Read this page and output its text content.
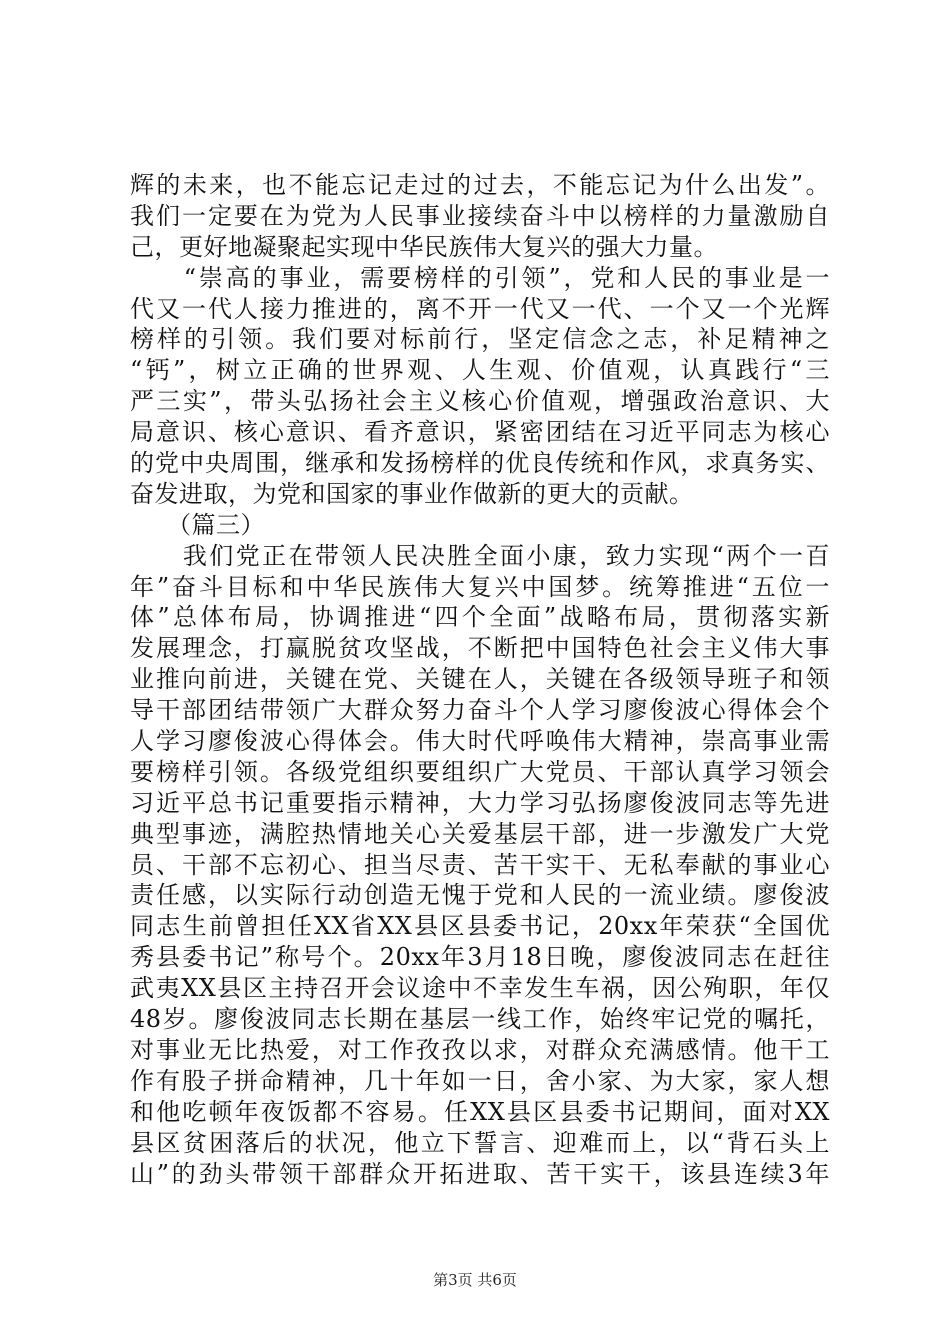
辉的未来，也不能忘记走过的过去，不能忘记为什么出发”。
我们一定要在为党为人民事业接续奋斗中以榜样的力量激励自
己，更好地凝聚起实现中华民族伟大复兴的强大力量。
　　“崇高的事业，需要榜样的引领”，党和人民的事业是一
代又一代人接力推进的，离不开一代又一代、一个又一个光辉
榜样的引领。我们要对标前行，坚定信念之志，补足精神之
“钙”，树立正确的世界观、人生观、价值观，认真践行“三
严三实”，带头弘扬社会主义核心价值观，增强政治意识、大
局意识、核心意识、看齐意识，紧密团结在习近平同志为核心
的党中央周围，继承和发扬榜样的优良传统和作风，求真务实、
奋发进取，为党和国家的事业作做新的更大的贡献。
　　（篇三）
　　我们党正在带领人民决胜全面小康，致力实现“两个一百
年”奋斗目标和中华民族伟大复兴中国梦。统筹推进“五位一
体”总体布局，协调推进“四个全面”战略布局，贯彻落实新
发展理念，打赢脱贫攻坚战，不断把中国特色社会主义伟大事
业推向前进，关键在党、关键在人，关键在各级领导班子和领
导干部团结带领广大群众努力奋斗个人学习廖俊波心得体会个
人学习廖俊波心得体会。伟大时代呼唤伟大精神，崇高事业需
要榜样引领。各级党组织要组织广大党员、干部认真学习领会
习近平总书记重要指示精神，大力学习弘扬廖俊波同志等先进
典型事迹，满腔热情地关心关爱基层干部，进一步激发广大党
员、干部不忘初心、担当尽责、苦干实干、无私奉献的事业心
责任感，以实际行动创造无愧于党和人民的一流业绩。廖俊波
同志生前曾担任XX省XX县区县委书记，20xx年荣获“全国优
秀县委书记”称号个。20xx年3月18日晚，廖俊波同志在赶往
武夷XX县区主持召开会议途中不幸发生车祸，因公殉职，年仅
48岁。廖俊波同志长期在基层一线工作，始终牢记党的嘱托，
对事业无比热爱，对工作孜孜以求，对群众充满感情。他干工
作有股子拼命精神，几十年如一日，舍小家、为大家，家人想
和他吃顿年夜饭都不容易。任XX县区县委书记期间，面对XX
县区贫困落后的状况，他立下誓言、迎难而上，以“背石头上
山”的劲头带领干部群众开拓进取、苦干实干，该县连续3年
第3页 共6页
